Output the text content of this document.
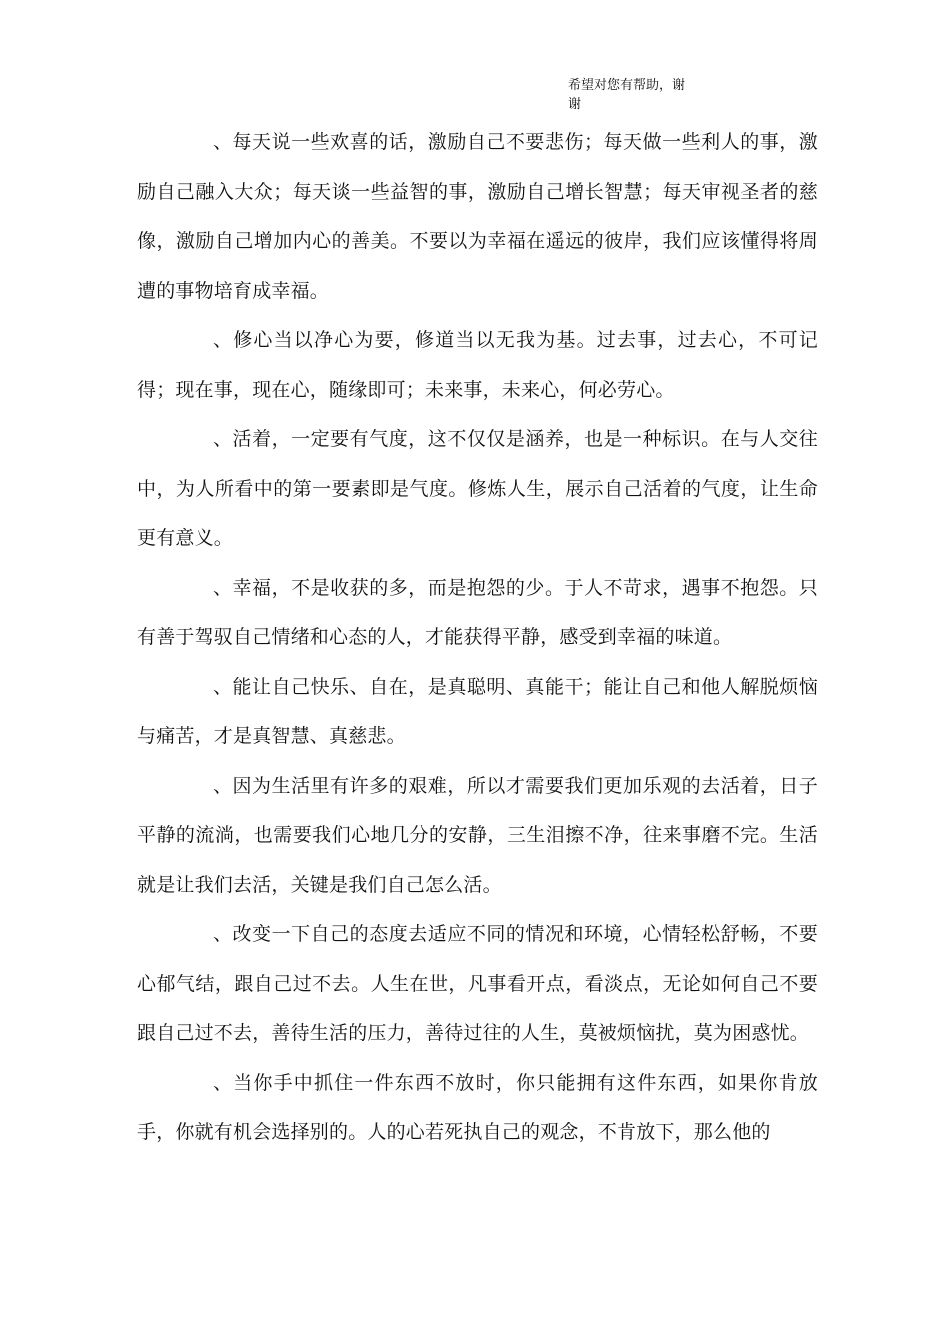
希望对您有帮助，谢
谢

、每天说一些欢喜的话，激励自己不要悲伤；每天做一些利人的事，激励自己融入大众；每天谈一些益智的事，激励自己增长智慧；每天审视圣者的慈像，激励自己增加内心的善美。不要以为幸福在遥远的彼岸，我们应该懂得将周遭的事物培育成幸福。

、修心当以净心为要，修道当以无我为基。过去事，过去心，不可记得；现在事，现在心，随缘即可；未来事，未来心，何必劳心。

、活着，一定要有气度，这不仅仅是涵养，也是一种标识。在与人交往中，为人所看中的第一要素即是气度。修炼人生，展示自己活着的气度，让生命更有意义。

、幸福，不是收获的多，而是抱怨的少。于人不苛求，遇事不抱怨。只有善于驾驭自己情绪和心态的人，才能获得平静，感受到幸福的味道。

、能让自己快乐、自在，是真聪明、真能干；能让自己和他人解脱烦恼与痛苦，才是真智慧、真慈悲。

、因为生活里有许多的艰难，所以才需要我们更加乐观的去活着，日子平静的流淌，也需要我们心地几分的安静，三生泪擦不净，往来事磨不完。生活就是让我们去活，关键是我们自己怎么活。

、改变一下自己的态度去适应不同的情况和环境，心情轻松舒畅，不要心郁气结，跟自己过不去。人生在世，凡事看开点，看淡点，无论如何自己不要跟自己过不去，善待生活的压力，善待过往的人生，莫被烦恼扰，莫为困惑忧。

、当你手中抓住一件东西不放时，你只能拥有这件东西，如果你肯放手，你就有机会选择别的。人的心若死执自己的观念，不肯放下，那么他的
